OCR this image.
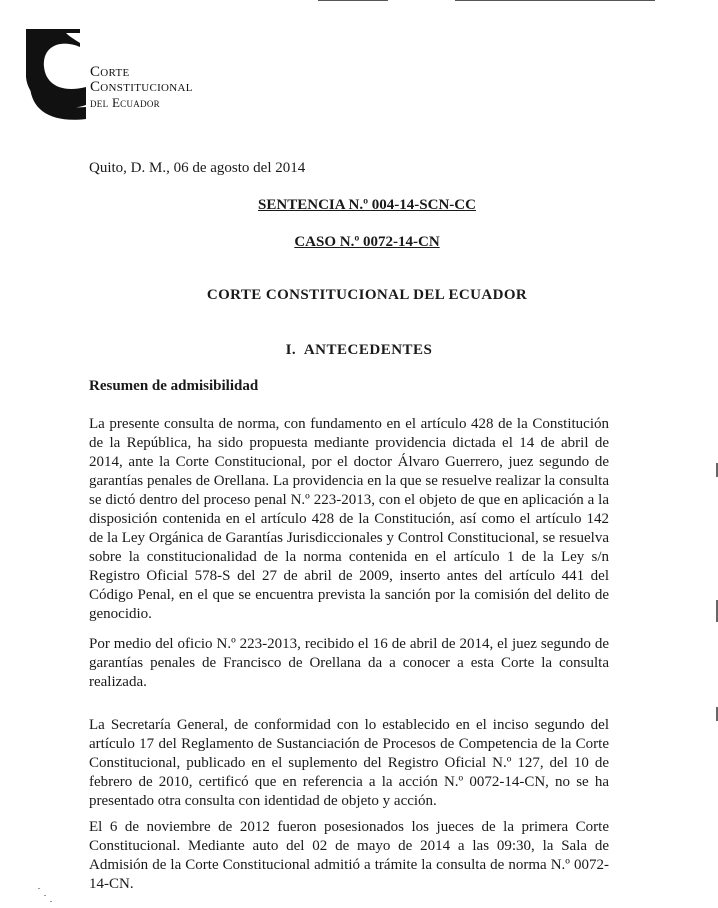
Corte
Constitucional
del Ecuador
Quito, D. M., 06 de agosto del 2014
SENTENCIA N.º 004-14-SCN-CC
CASO N.º 0072-14-CN
CORTE CONSTITUCIONAL DEL ECUADOR
I.  ANTECEDENTES
Resumen de admisibilidad

La presente consulta de norma, con fundamento en el artículo 428 de la Constitución de la República, ha sido propuesta mediante providencia dictada el 14 de abril de 2014, ante la Corte Constitucional, por el doctor Álvaro Guerrero, juez segundo de garantías penales de Orellana. La providencia en la que se resuelve realizar la consulta se dictó dentro del proceso penal N.º 223-2013, con el objeto de que en aplicación a la disposición contenida en el artículo 428 de la Constitución, así como el artículo 142 de la Ley Orgánica de Garantías Jurisdiccionales y Control Constitucional, se resuelva sobre la constitucionalidad de la norma contenida en el artículo 1 de la Ley s/n Registro Oficial 578-S del 27 de abril de 2009, inserto antes del artículo 441 del Código Penal, en el que se encuentra prevista la sanción por la comisión del delito de genocidio.

Por medio del oficio N.º 223-2013, recibido el 16 de abril de 2014, el juez segundo de garantías penales de Francisco de Orellana da a conocer a esta Corte la consulta realizada.

La Secretaría General, de conformidad con lo establecido en el inciso segundo del artículo 17 del Reglamento de Sustanciación de Procesos de Competencia de la Corte Constitucional, publicado en el suplemento del Registro Oficial N.º 127, del 10 de febrero de 2010, certificó que en referencia a la acción N.º 0072-14-CN, no se ha presentado otra consulta con identidad de objeto y acción.

El 6 de noviembre de 2012 fueron posesionados los jueces de la primera Corte Constitucional. Mediante auto del 02 de mayo de 2014 a las 09:30, la Sala de Admisión de la Corte Constitucional admitió a trámite la consulta de norma N.º 0072-14-CN.
